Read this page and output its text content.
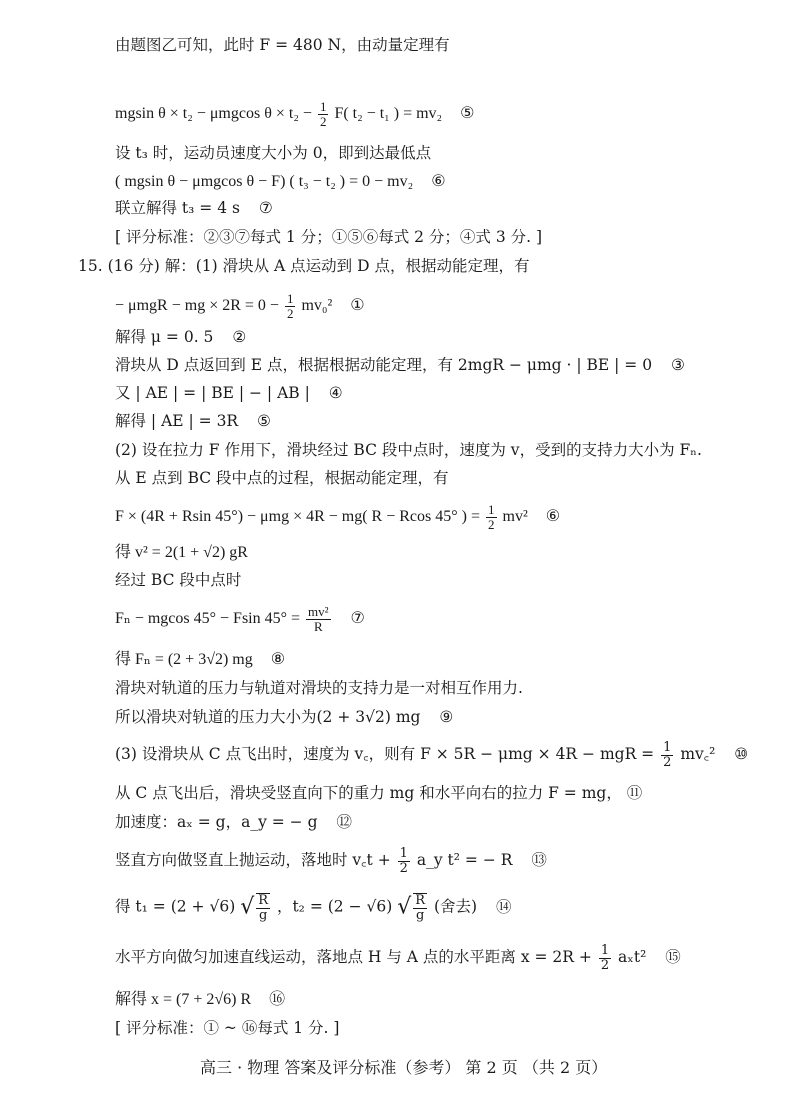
由题图乙可知，此时 F = 480 N，由动量定理有
mgsin θ × t₂ − μmgcos $\theta \times t_2 - \frac{1}{2} F$( t₂ − t₁ ) = mv₂ ⑤
设 t₃ 时，运动员速度大小为 0，即到达最低点
( mgsin θ − μmgcos θ − F) ( t₃ − t₂ ) = 0 − mv₂ ⑥
联立解得 t₃ = 4 s ⑦
[ 评分标准：②③⑦每式 1 分；①⑤⑥每式 2 分；④式 3 分. ]
15. (16 分) 解：(1) 滑块从 A 点运动到 D 点，根据动能定理，有
− μmgR − mg × $2R = 0 - \frac{1}{2} mv_0^2$ ①
解得 μ = 0. 5 ②
滑块从 D 点返回到 E 点，根据根据动能定理，有 2mgR − μmg · | BE | = 0 ③
又 | AE | = | BE | − | AB | ④
解得 | AE | = 3R ⑤
(2) 设在拉力 F 作用下，滑块经过 BC 段中点时，速度为 v，受到的支持力大小为 Fₙ.
从 E 点到 BC 段中点的过程，根据动能定理，有
F × (4R + Rsin 45°) − μmg × 4R − mg( R − Rcos 45° ) = $\frac{1}{2} mv^2$ ⑥
得 v² = 2(1 + √2) gR
经过 BC 段中点时
Fₙ − mgcos 45° − Fsin $45^\circ = \frac{\text{mv²}}{R}$ ⑦
得 Fₙ = (2 + 3√2) mg ⑧
滑块对轨道的压力与轨道对滑块的支持力是一对相互作用力.
所以滑块对轨道的压力大小为(2 + 3√2) mg ⑨
(3) 设滑块从 C 点飞出时，速度为 v꜀，则有 F × 5R − μmg × 4R − mgR = $\frac{1}{2}$ mv꜀² ⑩
从 C 点飞出后，滑块受竖直向下的重力 mg 和水平向右的拉力 F = mg， ⑪
加速度：aₓ = g，a_y = − g ⑫
竖直方向做竖直上抛运动，落地时 v꜀t + $\frac{1}{2}$ a_y t² = − R ⑬
得 t₁ = (2 + √6) √ $\frac{R}{g}$ ，t₂ = (2 − √6) √ $\frac{R}{g}$ (舍去) ⑭
水平方向做匀加速直线运动，落地点 H 与 A 点的水平距离 $x = 2R + \frac{1}{2} a_xt^2$ ⑮
解得 x = (7 + 2√6) R ⑯
[ 评分标准：① ~ ⑯每式 1 分. ]
高三 · 物理 答案及评分标准（参考） 第 2 页 （共 2 页）
